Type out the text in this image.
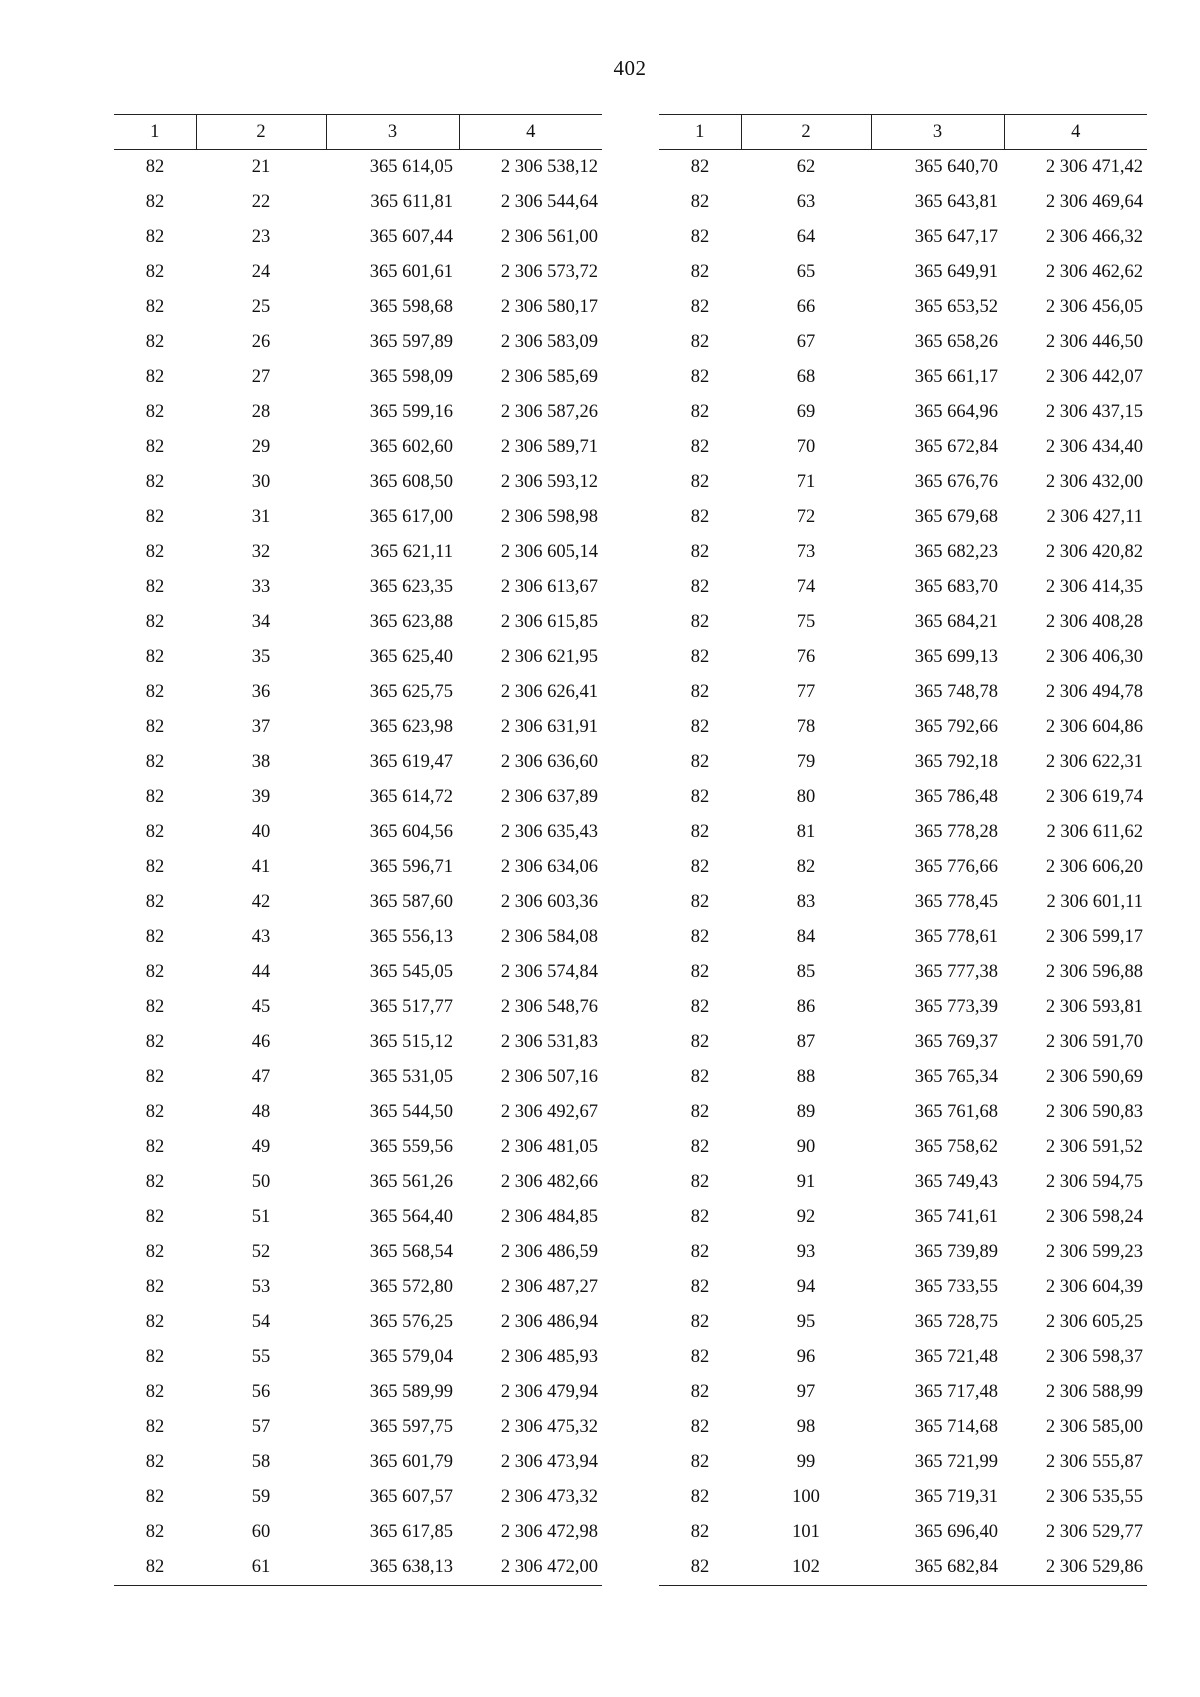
402
1	2	3	4
82	21	365 614,05	2 306 538,12
82	22	365 611,81	2 306 544,64
82	23	365 607,44	2 306 561,00
82	24	365 601,61	2 306 573,72
82	25	365 598,68	2 306 580,17
82	26	365 597,89	2 306 583,09
82	27	365 598,09	2 306 585,69
82	28	365 599,16	2 306 587,26
82	29	365 602,60	2 306 589,71
82	30	365 608,50	2 306 593,12
82	31	365 617,00	2 306 598,98
82	32	365 621,11	2 306 605,14
82	33	365 623,35	2 306 613,67
82	34	365 623,88	2 306 615,85
82	35	365 625,40	2 306 621,95
82	36	365 625,75	2 306 626,41
82	37	365 623,98	2 306 631,91
82	38	365 619,47	2 306 636,60
82	39	365 614,72	2 306 637,89
82	40	365 604,56	2 306 635,43
82	41	365 596,71	2 306 634,06
82	42	365 587,60	2 306 603,36
82	43	365 556,13	2 306 584,08
82	44	365 545,05	2 306 574,84
82	45	365 517,77	2 306 548,76
82	46	365 515,12	2 306 531,83
82	47	365 531,05	2 306 507,16
82	48	365 544,50	2 306 492,67
82	49	365 559,56	2 306 481,05
82	50	365 561,26	2 306 482,66
82	51	365 564,40	2 306 484,85
82	52	365 568,54	2 306 486,59
82	53	365 572,80	2 306 487,27
82	54	365 576,25	2 306 486,94
82	55	365 579,04	2 306 485,93
82	56	365 589,99	2 306 479,94
82	57	365 597,75	2 306 475,32
82	58	365 601,79	2 306 473,94
82	59	365 607,57	2 306 473,32
82	60	365 617,85	2 306 472,98
82	61	365 638,13	2 306 472,00
1	2	3	4
82	62	365 640,70	2 306 471,42
82	63	365 643,81	2 306 469,64
82	64	365 647,17	2 306 466,32
82	65	365 649,91	2 306 462,62
82	66	365 653,52	2 306 456,05
82	67	365 658,26	2 306 446,50
82	68	365 661,17	2 306 442,07
82	69	365 664,96	2 306 437,15
82	70	365 672,84	2 306 434,40
82	71	365 676,76	2 306 432,00
82	72	365 679,68	2 306 427,11
82	73	365 682,23	2 306 420,82
82	74	365 683,70	2 306 414,35
82	75	365 684,21	2 306 408,28
82	76	365 699,13	2 306 406,30
82	77	365 748,78	2 306 494,78
82	78	365 792,66	2 306 604,86
82	79	365 792,18	2 306 622,31
82	80	365 786,48	2 306 619,74
82	81	365 778,28	2 306 611,62
82	82	365 776,66	2 306 606,20
82	83	365 778,45	2 306 601,11
82	84	365 778,61	2 306 599,17
82	85	365 777,38	2 306 596,88
82	86	365 773,39	2 306 593,81
82	87	365 769,37	2 306 591,70
82	88	365 765,34	2 306 590,69
82	89	365 761,68	2 306 590,83
82	90	365 758,62	2 306 591,52
82	91	365 749,43	2 306 594,75
82	92	365 741,61	2 306 598,24
82	93	365 739,89	2 306 599,23
82	94	365 733,55	2 306 604,39
82	95	365 728,75	2 306 605,25
82	96	365 721,48	2 306 598,37
82	97	365 717,48	2 306 588,99
82	98	365 714,68	2 306 585,00
82	99	365 721,99	2 306 555,87
82	100	365 719,31	2 306 535,55
82	101	365 696,40	2 306 529,77
82	102	365 682,84	2 306 529,86
